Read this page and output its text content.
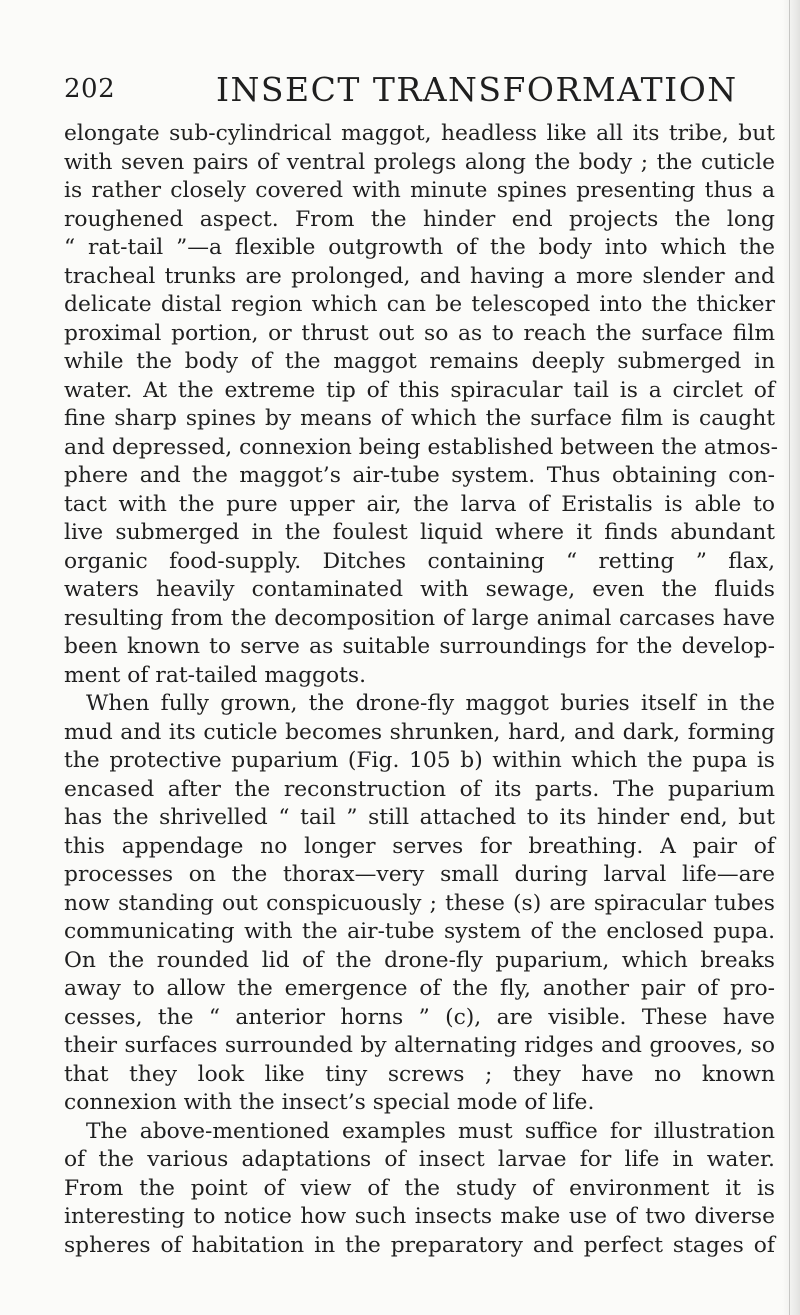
202	INSECT TRANSFORMATION
elongate sub-cylindrical maggot, headless like all its tribe, but
with seven pairs of ventral prolegs along the body ; the cuticle
is rather closely covered with minute spines presenting thus a
roughened aspect. From the hinder end projects the long
“ rat-tail ”—a flexible outgrowth of the body into which the
tracheal trunks are prolonged, and having a more slender and
delicate distal region which can be telescoped into the thicker
proximal portion, or thrust out so as to reach the surface film
while the body of the maggot remains deeply submerged in
water. At the extreme tip of this spiracular tail is a circlet of
fine sharp spines by means of which the surface film is caught
and depressed, connexion being established between the atmos-
phere and the maggot’s air-tube system. Thus obtaining con-
tact with the pure upper air, the larva of Eristalis is able to
live submerged in the foulest liquid where it finds abundant
organic food-supply. Ditches containing “ retting ” flax,
waters heavily contaminated with sewage, even the fluids
resulting from the decomposition of large animal carcases have
been known to serve as suitable surroundings for the develop-
ment of rat-tailed maggots.
When fully grown, the drone-fly maggot buries itself in the
mud and its cuticle becomes shrunken, hard, and dark, forming
the protective puparium (Fig. 105 b) within which the pupa is
encased after the reconstruction of its parts. The puparium
has the shrivelled “ tail ” still attached to its hinder end, but
this appendage no longer serves for breathing. A pair of
processes on the thorax—very small during larval life—are
now standing out conspicuously ; these (s) are spiracular tubes
communicating with the air-tube system of the enclosed pupa.
On the rounded lid of the drone-fly puparium, which breaks
away to allow the emergence of the fly, another pair of pro-
cesses, the “ anterior horns ” (c), are visible. These have
their surfaces surrounded by alternating ridges and grooves, so
that they look like tiny screws ; they have no known
connexion with the insect’s special mode of life.
The above-mentioned examples must suffice for illustration
of the various adaptations of insect larvae for life in water.
From the point of view of the study of environment it is
interesting to notice how such insects make use of two diverse
spheres of habitation in the preparatory and perfect stages of
